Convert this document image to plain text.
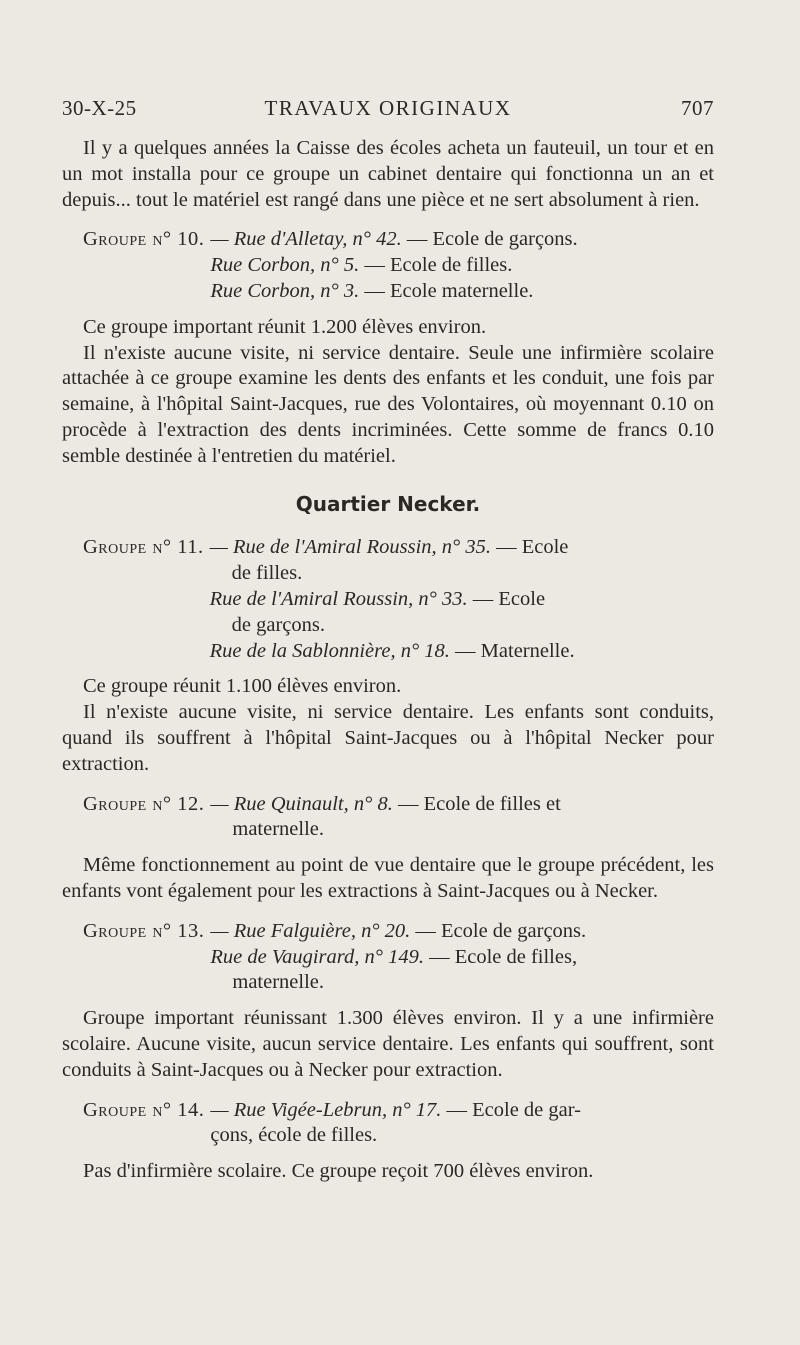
30-X-25	TRAVAUX ORIGINAUX	707

Il y a quelques années la Caisse des écoles acheta un fauteuil, un tour et en un mot installa pour ce groupe un cabinet dentaire qui fonctionna un an et depuis... tout le matériel est rangé dans une pièce et ne sert absolument à rien.

Groupe n° 10. — Rue d'Alletay, n° 42. — Ecole de garçons.
Rue Corbon, n° 5. — Ecole de filles.
Rue Corbon, n° 3. — Ecole maternelle.

Ce groupe important réunit 1.200 élèves environ.

Il n'existe aucune visite, ni service dentaire. Seule une infirmière scolaire attachée à ce groupe examine les dents des enfants et les conduit, une fois par semaine, à l'hôpital Saint-Jacques, rue des Volontaires, où moyennant 0.10 on procède à l'extraction des dents incriminées. Cette somme de francs 0.10 semble destinée à l'entretien du matériel.

Quartier Necker.
Groupe n° 11. — Rue de l'Amiral Roussin, n° 35. — Ecole
de filles.
Rue de l'Amiral Roussin, n° 33. — Ecole
de garçons.
Rue de la Sablonnière, n° 18. — Maternelle.

Ce groupe réunit 1.100 élèves environ.

Il n'existe aucune visite, ni service dentaire. Les enfants sont conduits, quand ils souffrent à l'hôpital Saint-Jacques ou à l'hôpital Necker pour extraction.

Groupe n° 12. — Rue Quinault, n° 8. — Ecole de filles et
maternelle.

Même fonctionnement au point de vue dentaire que le groupe précédent, les enfants vont également pour les extractions à Saint-Jacques ou à Necker.

Groupe n° 13. — Rue Falguière, n° 20. — Ecole de garçons.
Rue de Vaugirard, n° 149. — Ecole de filles,
maternelle.

Groupe important réunissant 1.300 élèves environ. Il y a une infirmière scolaire. Aucune visite, aucun service dentaire. Les enfants qui souffrent, sont conduits à Saint-Jacques ou à Necker pour extraction.

Groupe n° 14. — Rue Vigée-Lebrun, n° 17. — Ecole de gar-
çons, école de filles.

Pas d'infirmière scolaire. Ce groupe reçoit 700 élèves environ.
